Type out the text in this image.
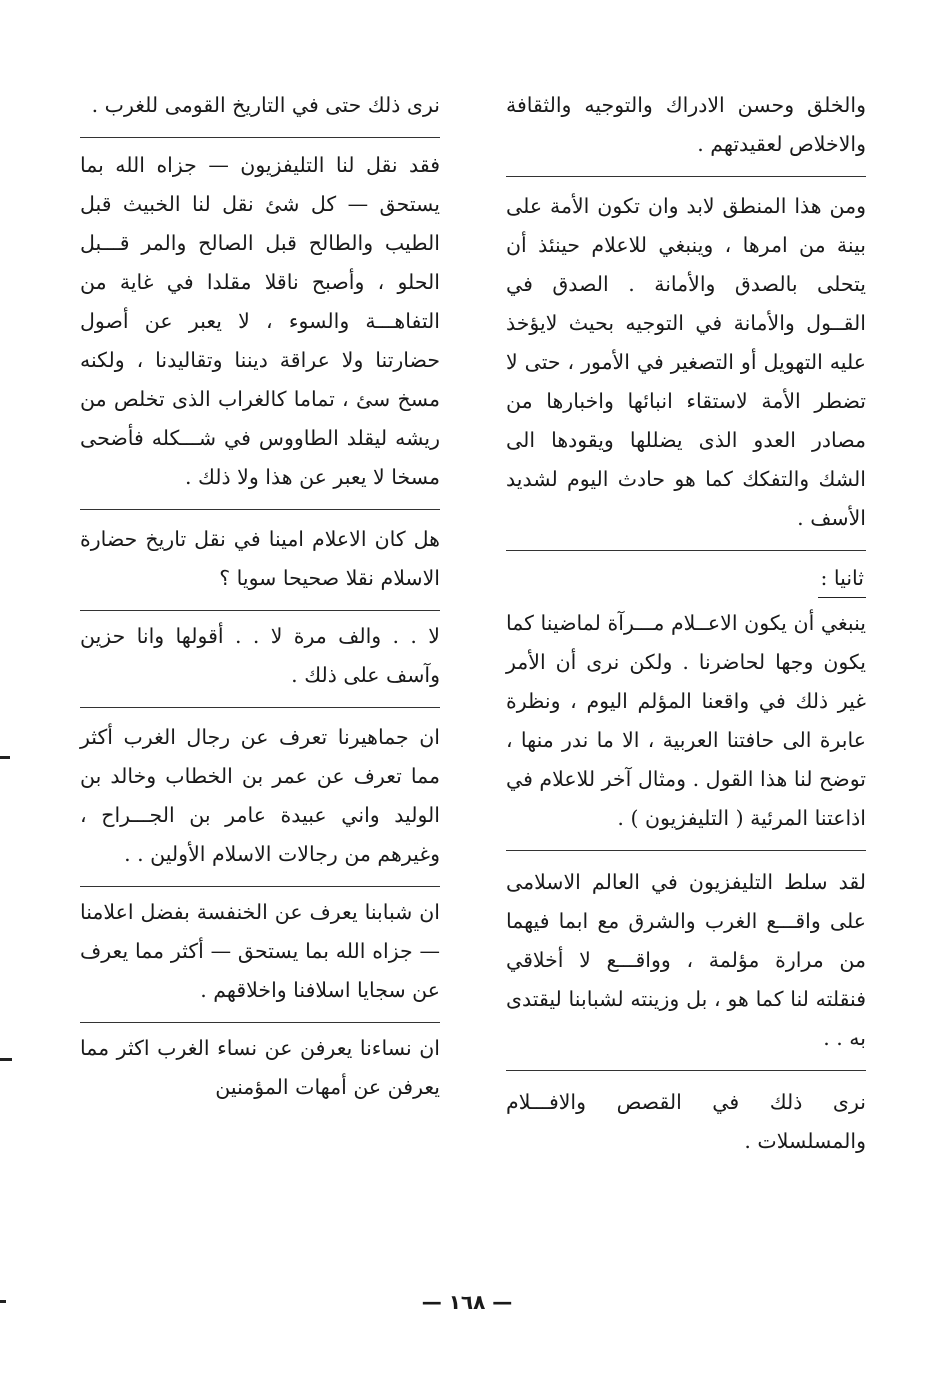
والخلق وحسن الادراك والتوجيه والثقافة والاخلاص لعقيدتهم .

ومن هذا المنطق لابد وان تكون الأمة على بينة من امرها ، وينبغي للاعلام حينئذ أن يتحلى بالصدق والأمانة . الصدق في القــول والأمانة في التوجيه بحيث لايؤخذ عليه التهويل أو التصغير في الأمور ، حتى لا تضطر الأمة لاستقاء انبائها واخبارها من مصادر العدو الذى يضللها ويقودها الى الشك والتفكك كما هو حادث اليوم لشديد الأسف .

ثانيا :

ينبغي أن يكون الاعــلام مـــرآة لماضينا كما يكون وجها لحاضرنا . ولكن نرى أن الأمر غير ذلك في واقعنا المؤلم اليوم ، ونظرة عابرة الى حافتنا العربية ، الا ما ندر منها ، توضح لنا هذا القول . ومثال آخر للاعلام في اذاعتنا المرئية ( التليفزيون ) .

لقد سلط التليفزيون في العالم الاسلامى على واقـــع الغرب والشرق مع ابما فيهما من مرارة مؤلمة ، وواقـــع لا أخلاقي فنقلته لنا كما هو ، بل وزينته لشبابنا ليقتدى به . .

نرى ذلك في القصص والافـــلام والمسلسلات .

نرى ذلك حتى في التاريخ القومى للغرب .

فقد نقل لنا التليفزيون — جزاه الله بما يستحق — كل شئ نقل لنا الخبيث قبل الطيب والطالح قبل الصالح والمر قـــبل الحلو ، وأصبح ناقلا مقلدا في غاية من التفاهـــة والسوء ، لا يعبر عن أصول حضارتنا ولا عراقة ديننا وتقاليدنا ، ولكنه مسخ سئ ، تماما كالغراب الذى تخلص من ريشه ليقلد الطاووس في شـــكله فأضحى مسخا لا يعبر عن هذا ولا ذلك .

هل كان الاعلام امينا في نقل تاريخ حضارة الاسلام نقلا صحيحا سويا ؟

لا . . والف مرة لا . . أقولها وانا حزين وآسف على ذلك .

ان جماهيرنا تعرف عن رجال الغرب أكثر مما تعرف عن عمر بن الخطاب وخالد بن الوليد واني عبيدة عامر بن الجـــراح ، وغيرهم من رجالات الاسلام الأولين . .

ان شبابنا يعرف عن الخنفسة بفضل اعلامنا — جزاه الله بما يستحق — أكثر مما يعرف عن سجايا اسلافنا واخلاقهم .

ان نساءنا يعرفن عن نساء الغرب اكثر مما يعرفن عن أمهات المؤمنين

— ١٦٨ —
